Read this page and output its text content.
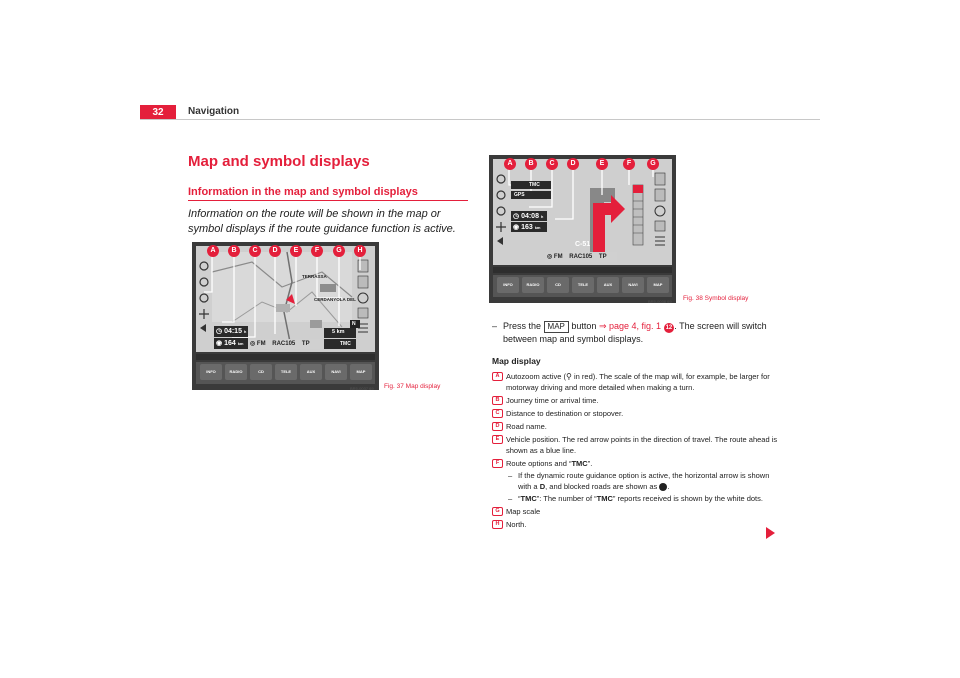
32	Navigation
Map and symbol displays
Information in the map and symbol displays
Information on the route will be shown in the map or symbol displays if the route guidance function is active.
A	B	C	D	E	F	G	H
TERRASSA
CERDANYOLA DEL
◷ 04:15 h
◉ 164 km ◎ FM    RAC105    TP
5 km
N
TMC
INFO	RADIO	CD	TELE	AUX	NAVI	MAP
BR5-0037 69 Fig. 37 Map display
A	B	C	D	E	F	G
TMC
GPS
◷ 04:08 h
◉ 163 km
C-51
◎ FM    RAC105    TP
INFO	RADIO	CD	TELE	AUX	NAVI	MAP
BR5-0038 69 Fig. 38 Symbol display
– Press the MAP button ⇒ page 4, fig. 1 12 . The screen will switch between map and symbol displays.
Map display
A Autozoom active (⚲ in red). The scale of the map will, for example, be larger for motorway driving and more detailed when making a turn.
B Journey time or arrival time.
C Distance to destination or stopover.
D Road name.
E Vehicle position. The red arrow points in the direction of travel. The route ahead is shown as a blue line.
F Route options and “TMC”.
– If the dynamic route guidance option is active, the horizontal arrow is shown with a D, and blocked roads are shown as .
– “TMC”: The number of “TMC” reports received is shown by the white dots.
G Map scale
H North.
